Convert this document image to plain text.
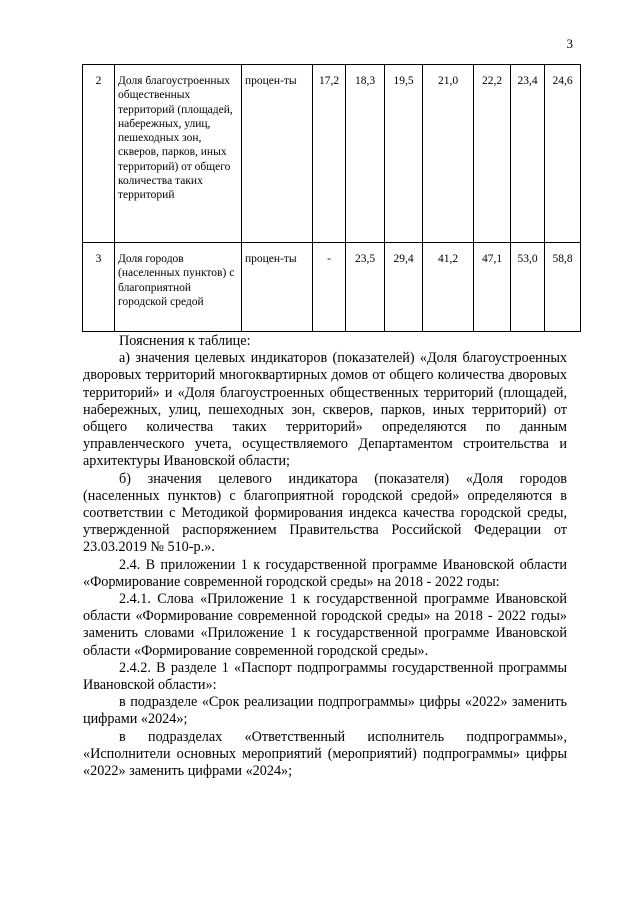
3
2	Доля благоустроенных общественных территорий (площадей, набережных, улиц, пешеходных зон, скверов, парков, иных территорий) от общего количества таких территорий	процен-ты	17,2	18,3	19,5	21,0	22,2	23,4	24,6
3	Доля городов (населенных пунктов) с благоприятной городской средой	процен-ты	-	23,5	29,4	41,2	47,1	53,0	58,8

Пояснения к таблице:

а) значения целевых индикаторов (показателей) «Доля благоустроенных дворовых территорий многоквартирных домов от общего количества дворовых территорий» и «Доля благоустроенных общественных территорий (площадей, набережных, улиц, пешеходных зон, скверов, парков, иных территорий) от общего количества таких территорий» определяются по данным управленческого учета, осуществляемого Департаментом строительства и архитектуры Ивановской области;

б) значения целевого индикатора (показателя) «Доля городов (населенных пунктов) с благоприятной городской средой» определяются в соответствии с Методикой формирования индекса качества городской среды, утвержденной распоряжением Правительства Российской Федерации от 23.03.2019 № 510-р.».

2.4. В приложении 1 к государственной программе Ивановской области «Формирование современной городской среды» на 2018 - 2022 годы:

2.4.1. Слова «Приложение 1 к государственной программе Ивановской области «Формирование современной городской среды» на 2018 - 2022 годы» заменить словами «Приложение 1 к государственной программе Ивановской области «Формирование современной городской среды».

2.4.2. В разделе 1 «Паспорт подпрограммы государственной программы Ивановской области»:

в подразделе «Срок реализации подпрограммы» цифры «2022» заменить цифрами «2024»;

в подразделах «Ответственный исполнитель подпрограммы», «Исполнители основных мероприятий (мероприятий) подпрограммы» цифры «2022» заменить цифрами «2024»;
